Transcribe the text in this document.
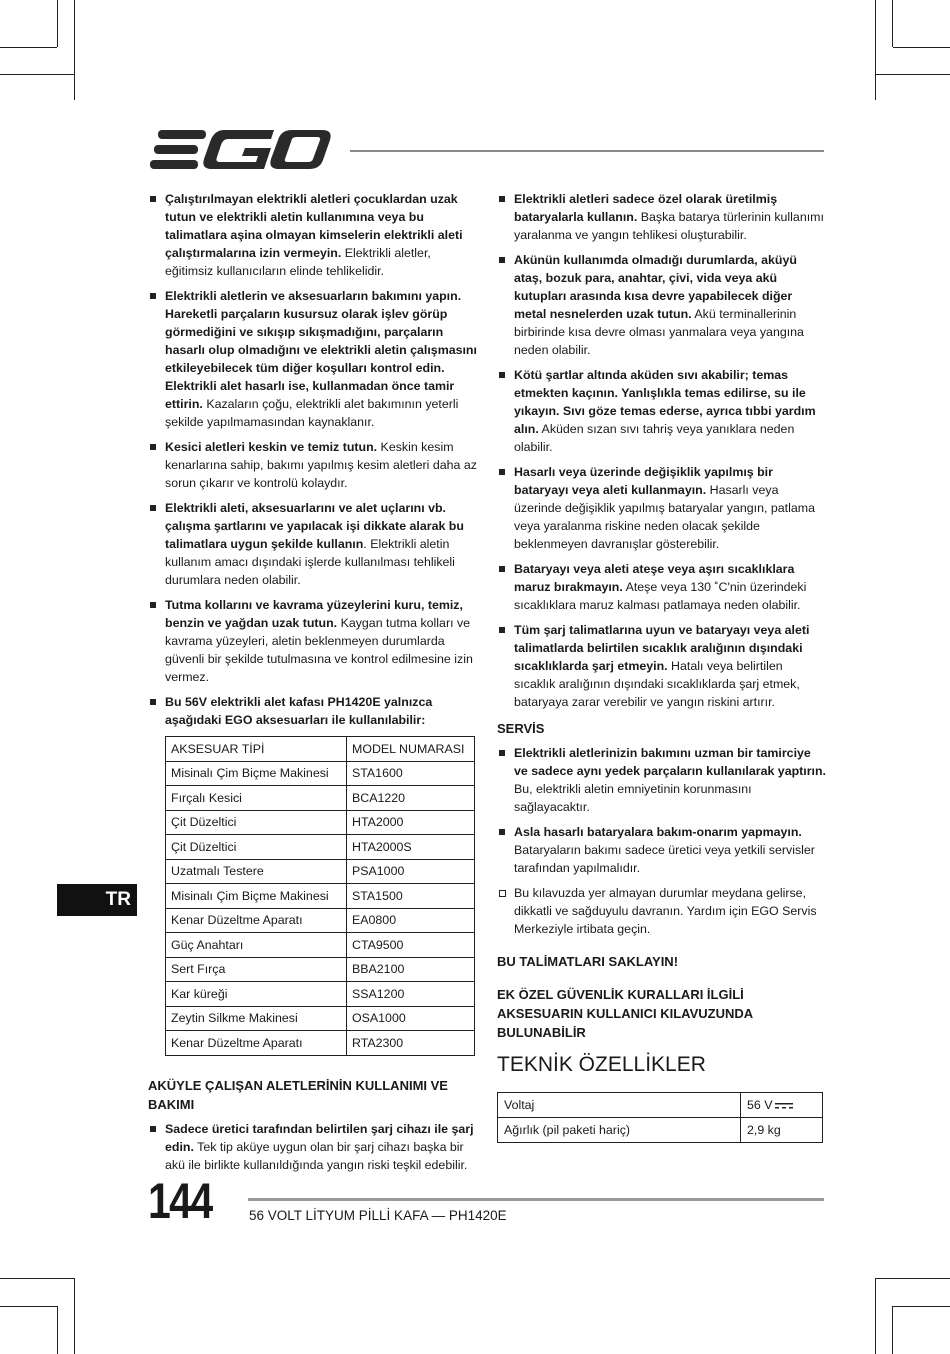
Çalıştırılmayan elektrikli aletleri çocuklardan uzak tutun ve elektrikli aletin kullanımına veya bu talimatlara aşina olmayan kimselerin elektrikli aleti çalıştırmalarına izin vermeyin. Elektrikli aletler, eğitimsiz kullanıcıların elinde tehlikelidir.
Elektrikli aletlerin ve aksesuarların bakımını yapın. Hareketli parçaların kusursuz olarak işlev görüp görmediğini ve sıkışıp sıkışmadığını, parçaların hasarlı olup olmadığını ve elektrikli aletin çalışmasını etkileyebilecek tüm diğer koşulları kontrol edin. Elektrikli alet hasarlı ise, kullanmadan önce tamir ettirin. Kazaların çoğu, elektrikli alet bakımının yeterli şekilde yapılmamasından kaynaklanır.
Kesici aletleri keskin ve temiz tutun. Keskin kesim kenarlarına sahip, bakımı yapılmış kesim aletleri daha az sorun çıkarır ve kontrolü kolaydır.
Elektrikli aleti, aksesuarlarını ve alet uçlarını vb. çalışma şartlarını ve yapılacak işi dikkate alarak bu talimatlara uygun şekilde kullanın. Elektrikli aletin kullanım amacı dışındaki işlerde kullanılması tehlikeli durumlara neden olabilir.
Tutma kollarını ve kavrama yüzeylerini kuru, temiz, benzin ve yağdan uzak tutun. Kaygan tutma kolları ve kavrama yüzeyleri, aletin beklenmeyen durumlarda güvenli bir şekilde tutulmasına ve kontrol edilmesine izin vermez.
Bu 56V elektrikli alet kafası PH1420E yalnızca aşağıdaki EGO aksesuarları ile kullanılabilir:
AKSESUAR TİPİ	MODEL NUMARASI
Misinalı Çim Biçme Makinesi	STA1600
Fırçalı Kesici	BCA1220
Çit Düzeltici	HTA2000
Çit Düzeltici	HTA2000S
Uzatmalı Testere	PSA1000
Misinalı Çim Biçme Makinesi	STA1500
Kenar Düzeltme Aparatı	EA0800
Güç Anahtarı	CTA9500
Sert Fırça	BBA2100
Kar küreği	SSA1200
Zeytin Silkme Makinesi	OSA1000
Kenar Düzeltme Aparatı	RTA2300
AKÜYLE ÇALIŞAN ALETLERİNİN KULLANIMI VE BAKIMI
Sadece üretici tarafından belirtilen şarj cihazı ile şarj edin. Tek tip aküye uygun olan bir şarj cihazı başka bir akü ile birlikte kullanıldığında yangın riski teşkil edebilir.
Elektrikli aletleri sadece özel olarak üretilmiş bataryalarla kullanın. Başka batarya türlerinin kullanımı yaralanma ve yangın tehlikesi oluşturabilir.
Akünün kullanımda olmadığı durumlarda, aküyü ataş, bozuk para, anahtar, çivi, vida veya akü kutupları arasında kısa devre yapabilecek diğer metal nesnelerden uzak tutun. Akü terminallerinin birbirinde kısa devre olması yanmalara veya yangına neden olabilir.
Kötü şartlar altında aküden sıvı akabilir; temas etmekten kaçının. Yanlışlıkla temas edilirse, su ile yıkayın. Sıvı göze temas ederse, ayrıca tıbbi yardım alın. Aküden sızan sıvı tahriş veya yanıklara neden olabilir.
Hasarlı veya üzerinde değişiklik yapılmış bir bataryayı veya aleti kullanmayın. Hasarlı veya üzerinde değişiklik yapılmış bataryalar yangın, patlama veya yaralanma riskine neden olacak şekilde beklenmeyen davranışlar gösterebilir.
Bataryayı veya aleti ateşe veya aşırı sıcaklıklara maruz bırakmayın. Ateşe veya 130 ˚C'nin üzerindeki sıcaklıklara maruz kalması patlamaya neden olabilir.
Tüm şarj talimatlarına uyun ve bataryayı veya aleti talimatlarda belirtilen sıcaklık aralığının dışındaki sıcaklıklarda şarj etmeyin. Hatalı veya belirtilen sıcaklık aralığının dışındaki sıcaklıklarda şarj etmek, bataryaya zarar verebilir ve yangın riskini artırır.
SERVİS
Elektrikli aletlerinizin bakımını uzman bir tamirciye ve sadece aynı yedek parçaların kullanılarak yaptırın. Bu, elektrikli aletin emniyetinin korunmasını sağlayacaktır.
Asla hasarlı bataryalara bakım-onarım yapmayın. Bataryaların bakımı sadece üretici veya yetkili servisler tarafından yapılmalıdır.
Bu kılavuzda yer almayan durumlar meydana gelirse, dikkatli ve sağduyulu davranın. Yardım için EGO Servis Merkeziyle irtibata geçin.
BU TALİMATLARI SAKLAYIN!
EK ÖZEL GÜVENLİK KURALLARI İLGİLİ AKSESUARIN KULLANICI KILAVUZUNDA BULUNABİLİR
TEKNİK ÖZELLİKLER
Voltaj	56 V
Ağırlık (pil paketi hariç)	2,9 kg
TR
144	56 VOLT LİTYUM PİLLİ KAFA — PH1420E
